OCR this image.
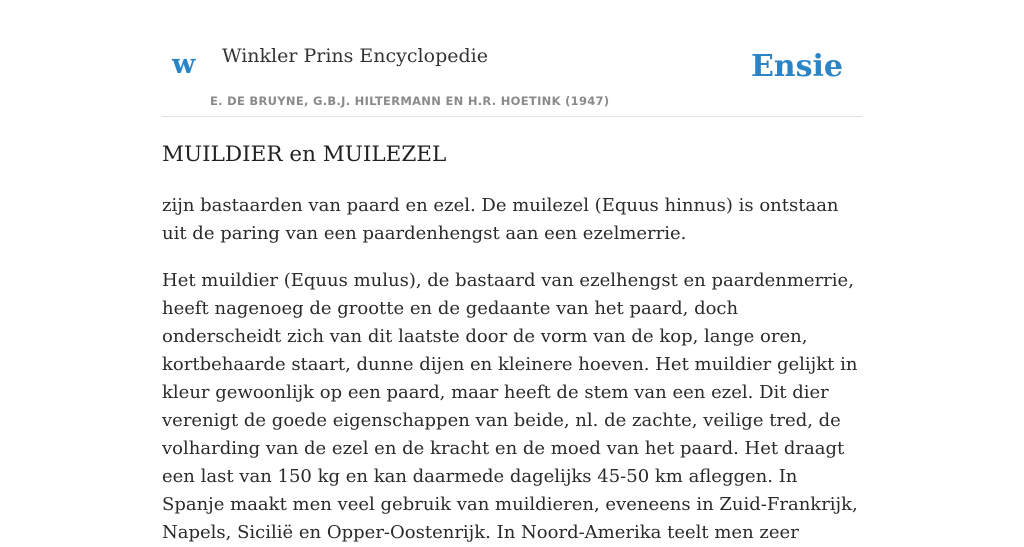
w Winkler Prins Encyclopedie
E. DE BRUYNE, G.B.J. HILTERMANN EN H.R. HOETINK (1947)
Ensie
MUILDIER en MUILEZEL

zijn bastaarden van paard en ezel. De muilezel (Equus hinnus) is ontstaan uit de paring van een paardenhengst aan een ezelmerrie.

Het muildier (Equus mulus), de bastaard van ezelhengst en paardenmerrie, heeft nagenoeg de grootte en de gedaante van het paard, doch onderscheidt zich van dit laatste door de vorm van de kop, lange oren, kortbehaarde staart, dunne dijen en kleinere hoeven. Het muildier gelijkt in kleur gewoonlijk op een paard, maar heeft de stem van een ezel. Dit dier verenigt de goede eigenschappen van beide, nl. de zachte, veilige tred, de volharding van de ezel en de kracht en de moed van het paard. Het draagt een last van 150 kg en kan daarmede dagelijks 45-50 km afleggen. In Spanje maakt men veel gebruik van muildieren, eveneens in Zuid-Frankrijk, Napels, Sicilië en Opper-Oostenrijk. In Noord-Amerika teelt men zeer
